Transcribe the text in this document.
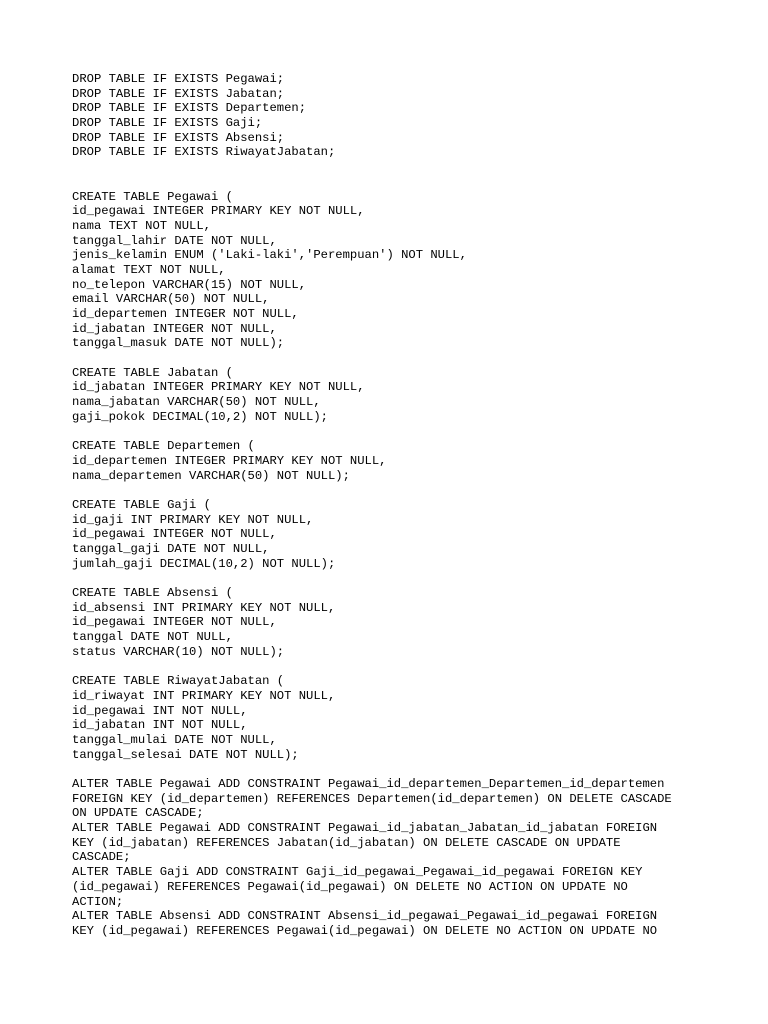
DROP TABLE IF EXISTS Pegawai;
DROP TABLE IF EXISTS Jabatan;
DROP TABLE IF EXISTS Departemen;
DROP TABLE IF EXISTS Gaji;
DROP TABLE IF EXISTS Absensi;
DROP TABLE IF EXISTS RiwayatJabatan;
CREATE TABLE Pegawai (
id_pegawai INTEGER PRIMARY KEY NOT NULL,
nama TEXT NOT NULL,
tanggal_lahir DATE NOT NULL,
jenis_kelamin ENUM ('Laki-laki','Perempuan') NOT NULL,
alamat TEXT NOT NULL,
no_telepon VARCHAR(15) NOT NULL,
email VARCHAR(50) NOT NULL,
id_departemen INTEGER NOT NULL,
id_jabatan INTEGER NOT NULL,
tanggal_masuk DATE NOT NULL);
CREATE TABLE Jabatan (
id_jabatan INTEGER PRIMARY KEY NOT NULL,
nama_jabatan VARCHAR(50) NOT NULL,
gaji_pokok DECIMAL(10,2) NOT NULL);
CREATE TABLE Departemen (
id_departemen INTEGER PRIMARY KEY NOT NULL,
nama_departemen VARCHAR(50) NOT NULL);
CREATE TABLE Gaji (
id_gaji INT PRIMARY KEY NOT NULL,
id_pegawai INTEGER NOT NULL,
tanggal_gaji DATE NOT NULL,
jumlah_gaji DECIMAL(10,2) NOT NULL);
CREATE TABLE Absensi (
id_absensi INT PRIMARY KEY NOT NULL,
id_pegawai INTEGER NOT NULL,
tanggal DATE NOT NULL,
status VARCHAR(10) NOT NULL);
CREATE TABLE RiwayatJabatan (
id_riwayat INT PRIMARY KEY NOT NULL,
id_pegawai INT NOT NULL,
id_jabatan INT NOT NULL,
tanggal_mulai DATE NOT NULL,
tanggal_selesai DATE NOT NULL);
ALTER TABLE Pegawai ADD CONSTRAINT Pegawai_id_departemen_Departemen_id_departemen
FOREIGN KEY (id_departemen) REFERENCES Departemen(id_departemen) ON DELETE CASCADE
ON UPDATE CASCADE;
ALTER TABLE Pegawai ADD CONSTRAINT Pegawai_id_jabatan_Jabatan_id_jabatan FOREIGN
KEY (id_jabatan) REFERENCES Jabatan(id_jabatan) ON DELETE CASCADE ON UPDATE
CASCADE;
ALTER TABLE Gaji ADD CONSTRAINT Gaji_id_pegawai_Pegawai_id_pegawai FOREIGN KEY
(id_pegawai) REFERENCES Pegawai(id_pegawai) ON DELETE NO ACTION ON UPDATE NO
ACTION;
ALTER TABLE Absensi ADD CONSTRAINT Absensi_id_pegawai_Pegawai_id_pegawai FOREIGN
KEY (id_pegawai) REFERENCES Pegawai(id_pegawai) ON DELETE NO ACTION ON UPDATE NO
